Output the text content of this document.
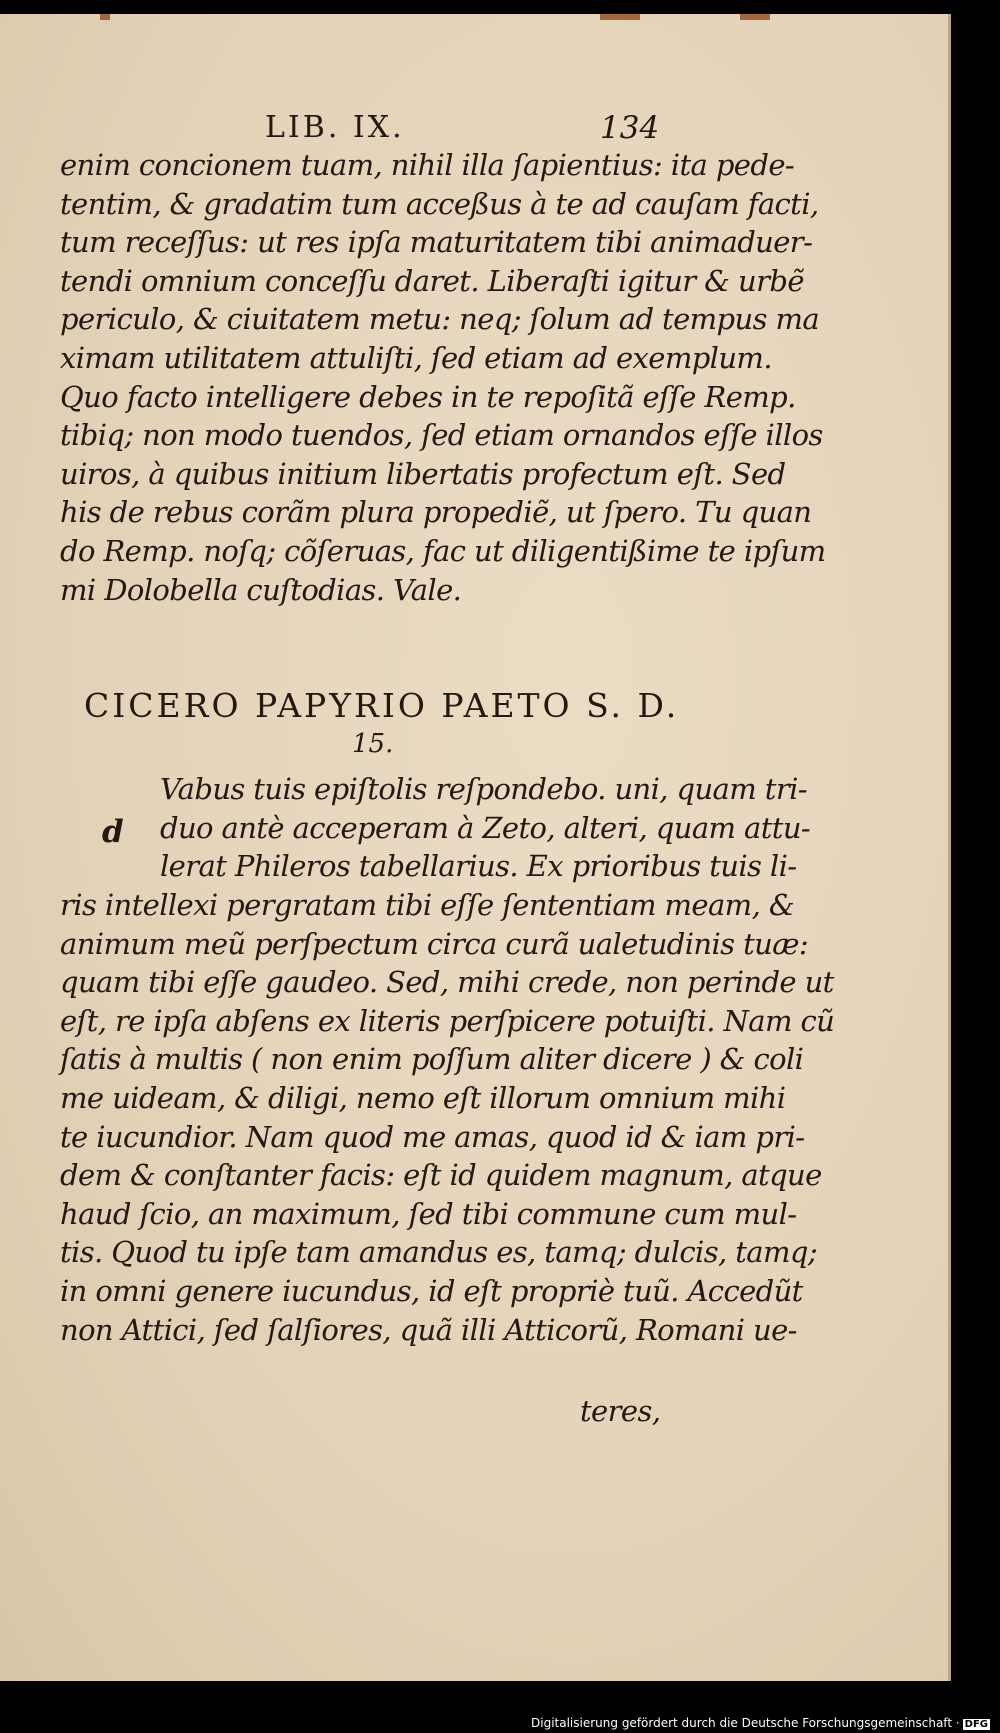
LIB. IX.	134
enim concionem tuam, nihil illa ſapientius: ita pede-
tentim, & gradatim tum acceßus à te ad cauſam facti,
tum receſſus: ut res ipſa maturitatem tibi animaduer-
tendi omnium conceſſu daret. Liberaſti igitur & urbẽ
periculo, & ciuitatem metu: neq; ſolum ad tempus ma
ximam utilitatem attuliſti, ſed etiam ad exemplum.
Quo facto intelligere debes in te repoſitã eſſe Remp.
tibiq; non modo tuendos, ſed etiam ornandos eſſe illos
uiros, à quibus initium libertatis profectum eſt. Sed
his de rebus corãm plura propediẽ, ut ſpero. Tu quan
do Remp. noſq; cõſeruas, fac ut diligentißime te ipſum
mi Dolobella cuſtodias. Vale.
CICERO PAPYRIO PAETO S. D.
15.
d
Vabus tuis epiſtolis reſpondebo. uni, quam tri-
duo antè acceperam à Zeto, alteri, quam attu-
lerat Phileros tabellarius. Ex prioribus tuis li-
ris intellexi pergratam tibi eſſe ſententiam meam, &
animum meũ perſpectum circa curã ualetudinis tuæ:
quam tibi eſſe gaudeo. Sed, mihi crede, non perinde ut
eſt, re ipſa abſens ex literis perſpicere potuiſti. Nam cũ
ſatis à multis ( non enim poſſum aliter dicere ) & coli
me uideam, & diligi, nemo eſt illorum omnium mihi
te iucundior. Nam quod me amas, quod id & iam pri-
dem & conſtanter facis: eſt id quidem magnum, atque
haud ſcio, an maximum, ſed tibi commune cum mul-
tis. Quod tu ipſe tam amandus es, tamq; dulcis, tamq;
in omni genere iucundus, id eſt propriè tuũ. Accedũt
non Attici, ſed ſalſiores, quã illi Atticorũ, Romani ue-
teres,
Digitalisierung gefördert durch die Deutsche Forschungsgemeinschaft · DFG
